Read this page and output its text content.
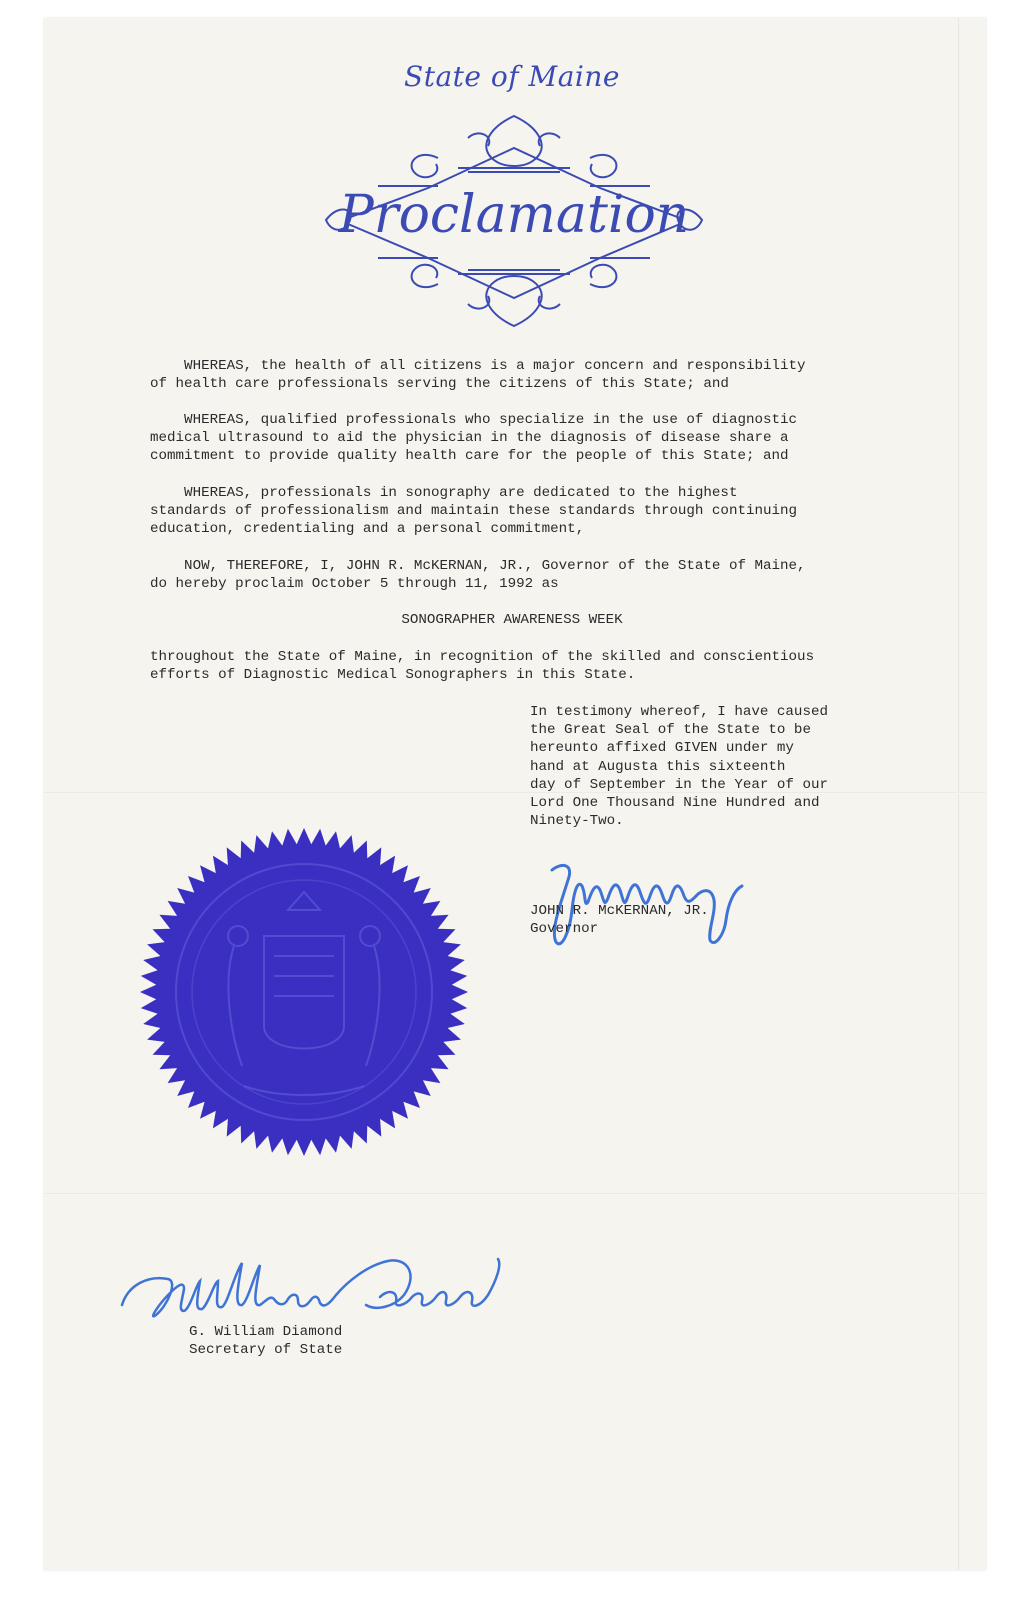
State of Maine
Proclamation
WHEREAS, the health of all citizens is a major concern and responsibility
of health care professionals serving the citizens of this State; and
WHEREAS, qualified professionals who specialize in the use of diagnostic
medical ultrasound to aid the physician in the diagnosis of disease share a
commitment to provide quality health care for the people of this State; and
WHEREAS, professionals in sonography are dedicated to the highest
standards of professionalism and maintain these standards through continuing
education, credentialing and a personal commitment,
NOW, THEREFORE, I, JOHN R. McKERNAN, JR., Governor of the State of Maine,
do hereby proclaim October 5 through 11, 1992 as
SONOGRAPHER AWARENESS WEEK
throughout the State of Maine, in recognition of the skilled and conscientious
efforts of Diagnostic Medical Sonographers in this State.
In testimony whereof, I have caused
the Great Seal of the State to be
hereunto affixed GIVEN under my
hand at Augusta this sixteenth
day of September in the Year of our
Lord One Thousand Nine Hundred and
Ninety-Two.
JOHN R. McKERNAN, JR.
Governor
G. William Diamond
Secretary of State
